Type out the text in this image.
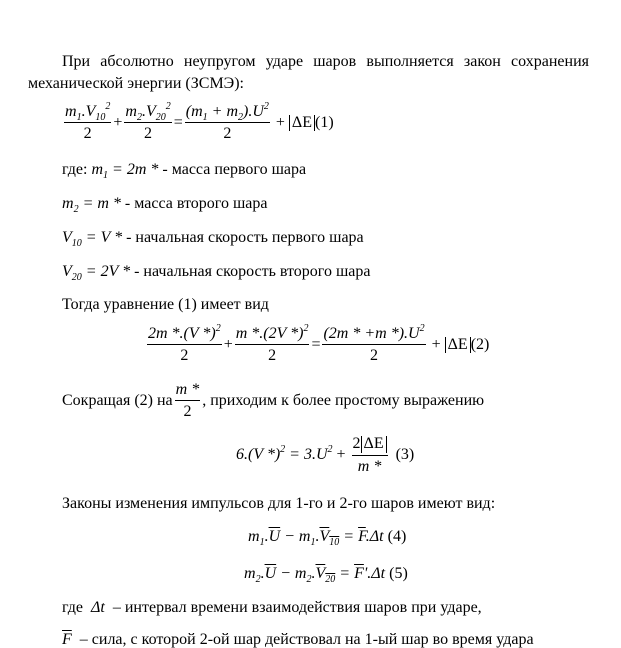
При абсолютно неупругом ударе шаров выполняется закон сохранения
механической энергии (ЗСМЭ):
$m_1.V_{10}^2$
2
+ $\frac{m_2.V_{20}^2}{2} = \frac{(m_1 + m_2).U^2}{2} + \Delta E$ (1)
где: $m_1 = 2m$ * - масса первого шара
$m_2 = m$ * - масса второго шара
$V_{10} = V$ * - начальная скорость первого шара
$V_{20} = 2V$ * - начальная скорость второго шара
Тогда уравнение (1) имеет вид
2m *.(V *)$^2$
2
+ $\frac{m *.(2V *)^2}{2} = \frac{(2m * +m *).U^2}{2} + \Delta E$ (2)
Сокращая (2) на
m *
2
, приходим к более простому выражению
6.(V $*)^2 = 3.U^2 + \frac{2 \Delta E}{m *} (3)$
Законы изменения импульсов для 1-го и 2-го шаров имеют вид:
$m_1.\overline{U} - m_1.V_{10} = \overline{F}.\Delta t$ (4)
$m_2.\overline{U} - m_2.V_{20} = \overline{F}'.\Delta t$ (5)
где  Δt  – интервал времени взаимодействия шаров при ударе,
$\overline{F}$  – сила, с которой 2-ой шар действовал на 1-ый шар во время удара
